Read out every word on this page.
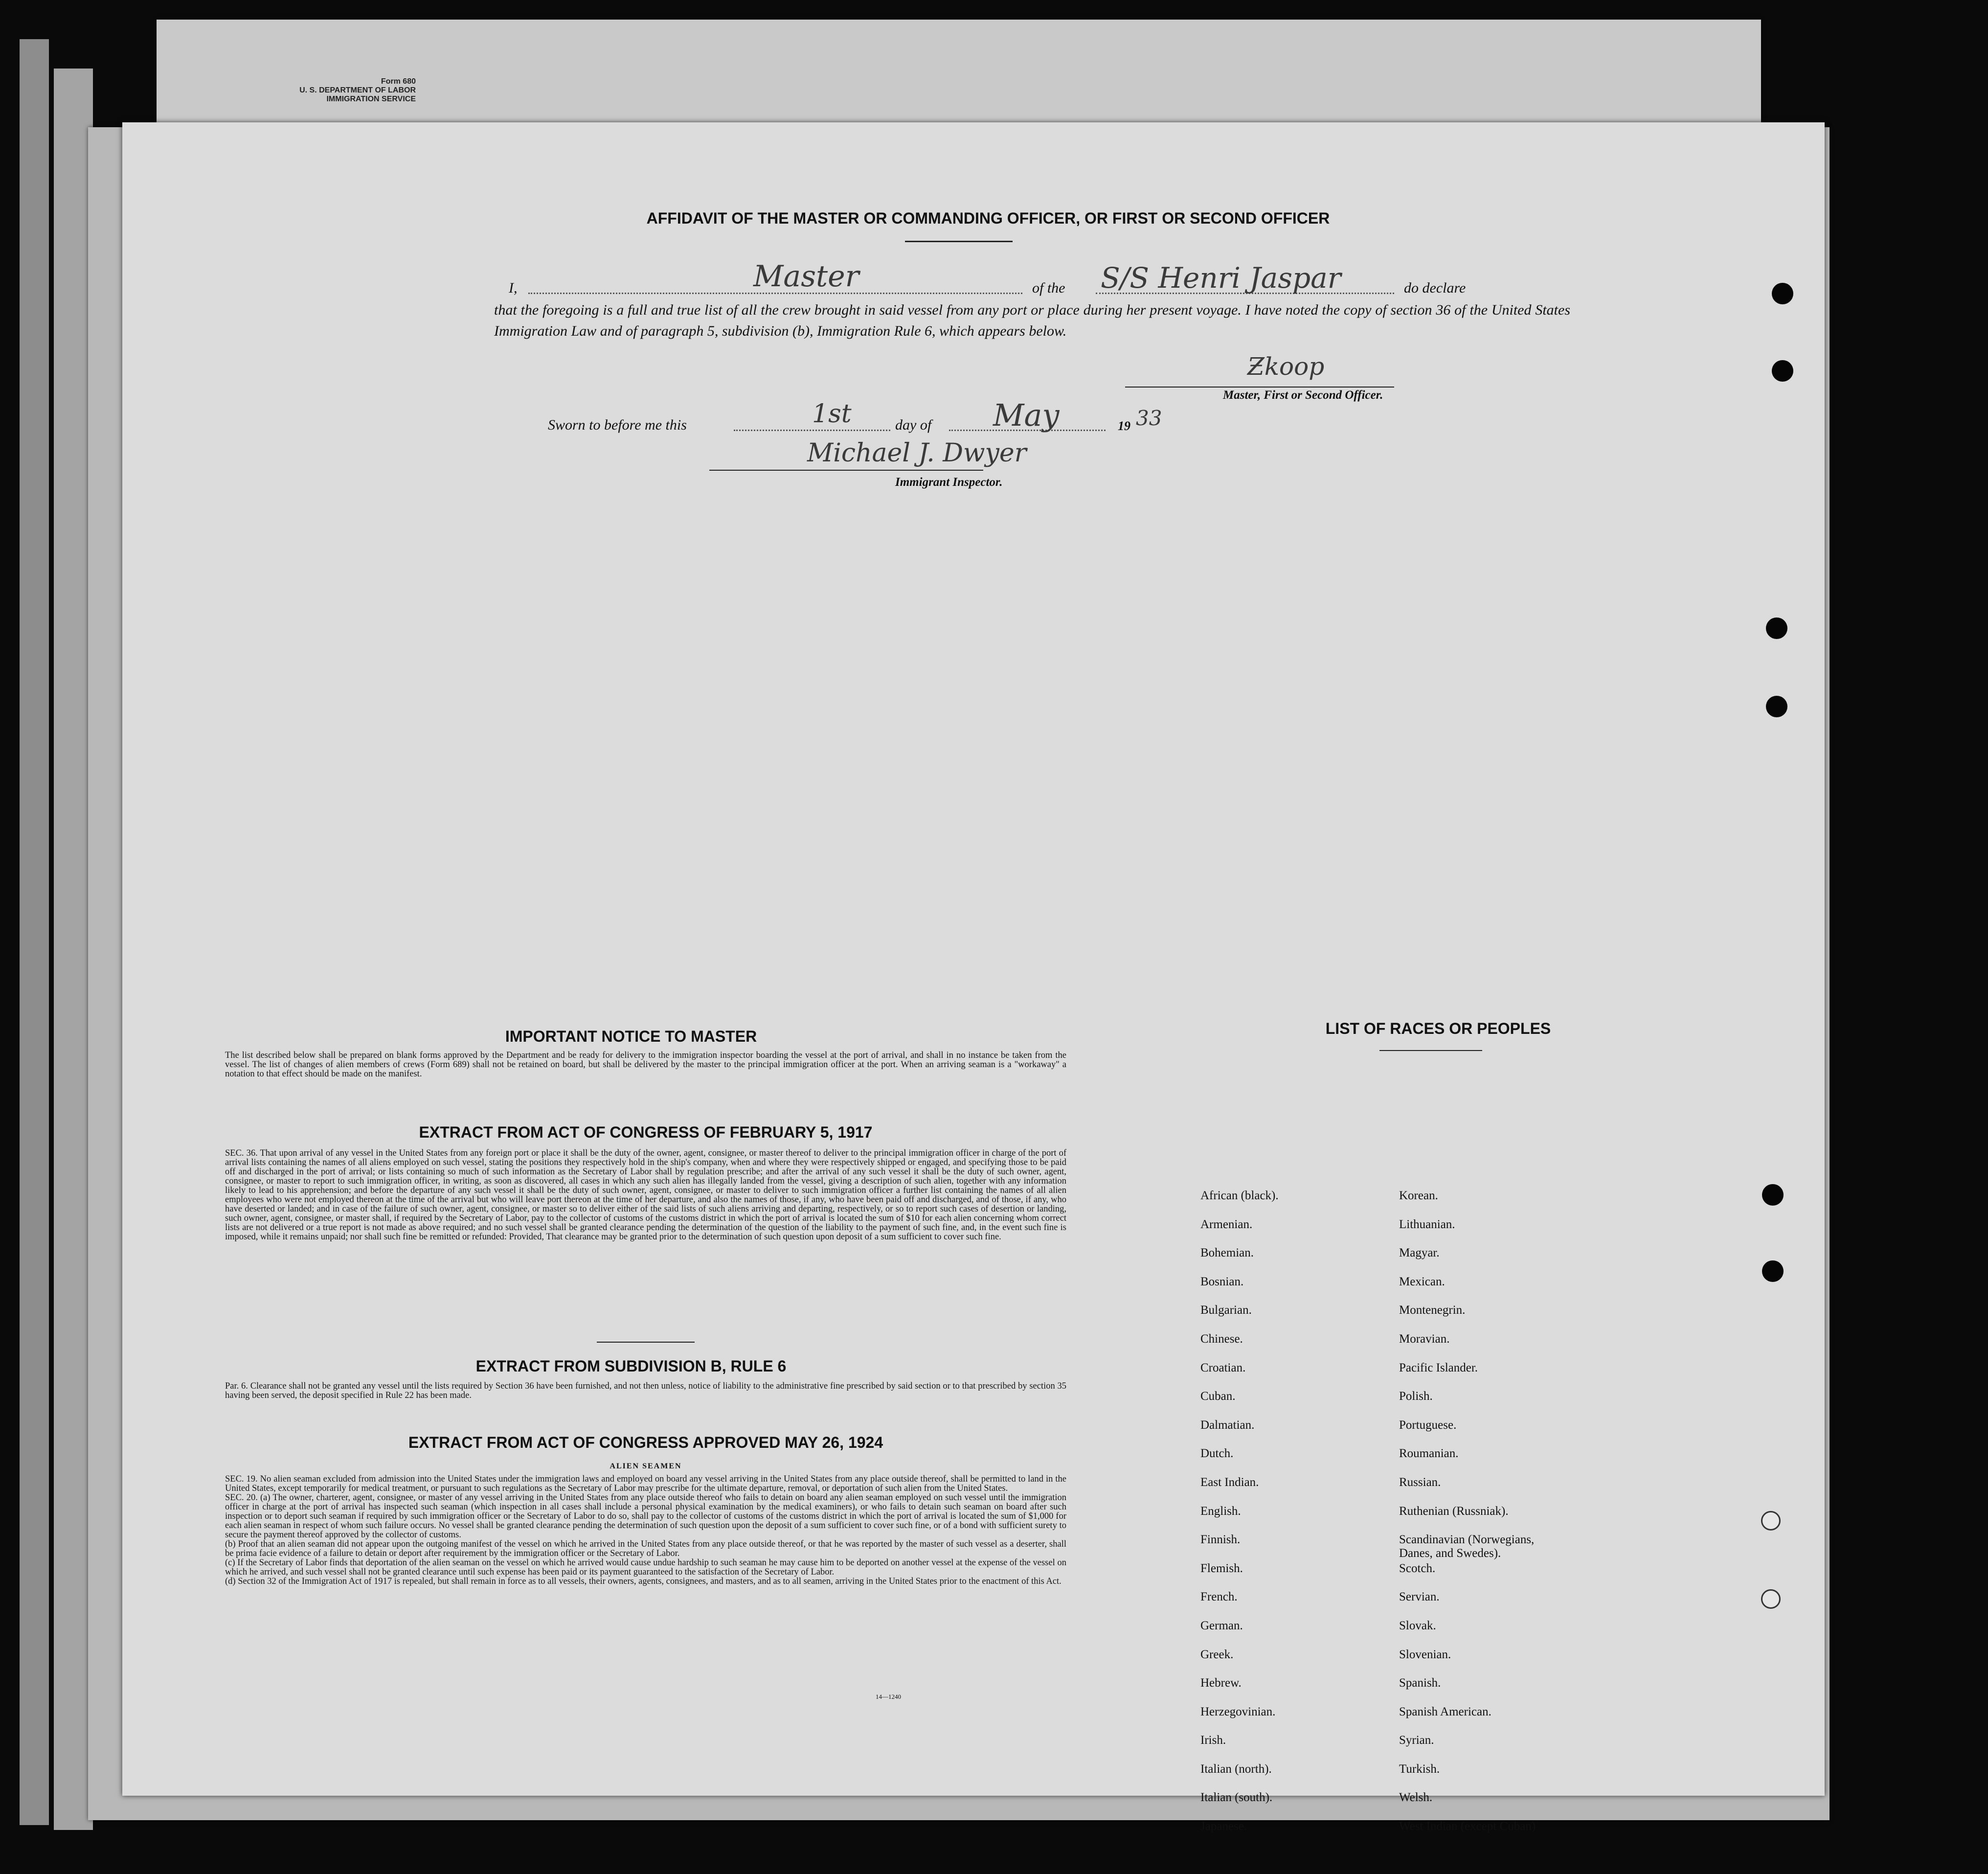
Form 680
U. S. DEPARTMENT OF LABOR
IMMIGRATION SERVICE
AFFIDAVIT OF THE MASTER OR COMMANDING OFFICER, OR FIRST OR SECOND OFFICER
I,	Master	of the S/S Henri Jaspar	do declare
that the foregoing is a full and true list of all the crew brought in said vessel from any port or place during her present voyage. I have noted the copy of section 36 of the United States Immigration Law and of paragraph 5, subdivision (b), Immigration Rule 6, which appears below.
Ƶkoop
Master, First or Second Officer.
Sworn to before me this	1st	day of May	19 33
Michael J. Dwyer
Immigrant Inspector.
IMPORTANT NOTICE TO MASTER
The list described below shall be prepared on blank forms approved by the Department and be ready for delivery to the immigration inspector boarding the vessel at the port of arrival, and shall in no instance be taken from the vessel. The list of changes of alien members of crews (Form 689) shall not be retained on board, but shall be delivered by the master to the principal immigration officer at the port. When an arriving seaman is a "workaway" a notation to that effect should be made on the manifest.
EXTRACT FROM ACT OF CONGRESS OF FEBRUARY 5, 1917
SEC. 36. That upon arrival of any vessel in the United States from any foreign port or place it shall be the duty of the owner, agent, consignee, or master thereof to deliver to the principal immigration officer in charge of the port of arrival lists containing the names of all aliens employed on such vessel, stating the positions they respectively hold in the ship's company, when and where they were respectively shipped or engaged, and specifying those to be paid off and discharged in the port of arrival; or lists containing so much of such information as the Secretary of Labor shall by regulation prescribe; and after the arrival of any such vessel it shall be the duty of such owner, agent, consignee, or master to report to such immigration officer, in writing, as soon as discovered, all cases in which any such alien has illegally landed from the vessel, giving a description of such alien, together with any information likely to lead to his apprehension; and before the departure of any such vessel it shall be the duty of such owner, agent, consignee, or master to deliver to such immigration officer a further list containing the names of all alien employees who were not employed thereon at the time of the arrival but who will leave port thereon at the time of her departure, and also the names of those, if any, who have been paid off and discharged, and of those, if any, who have deserted or landed; and in case of the failure of such owner, agent, consignee, or master so to deliver either of the said lists of such aliens arriving and departing, respectively, or so to report such cases of desertion or landing, such owner, agent, consignee, or master shall, if required by the Secretary of Labor, pay to the collector of customs of the customs district in which the port of arrival is located the sum of $10 for each alien concerning whom correct lists are not delivered or a true report is not made as above required; and no such vessel shall be granted clearance pending the determination of the question of the liability to the payment of such fine, and, in the event such fine is imposed, while it remains unpaid; nor shall such fine be remitted or refunded: Provided, That clearance may be granted prior to the determination of such question upon deposit of a sum sufficient to cover such fine.
EXTRACT FROM SUBDIVISION B, RULE 6
Par. 6. Clearance shall not be granted any vessel until the lists required by Section 36 have been furnished, and not then unless, notice of liability to the administrative fine prescribed by said section or to that prescribed by section 35 having been served, the deposit specified in Rule 22 has been made.
EXTRACT FROM ACT OF CONGRESS APPROVED MAY 26, 1924
ALIEN SEAMEN
SEC. 19. No alien seaman excluded from admission into the United States under the immigration laws and employed on board any vessel arriving in the United States from any place outside thereof, shall be permitted to land in the United States, except temporarily for medical treatment, or pursuant to such regulations as the Secretary of Labor may prescribe for the ultimate departure, removal, or deportation of such alien from the United States.
SEC. 20. (a) The owner, charterer, agent, consignee, or master of any vessel arriving in the United States from any place outside thereof who fails to detain on board any alien seaman employed on such vessel until the immigration officer in charge at the port of arrival has inspected such seaman (which inspection in all cases shall include a personal physical examination by the medical examiners), or who fails to detain such seaman on board after such inspection or to deport such seaman if required by such immigration officer or the Secretary of Labor to do so, shall pay to the collector of customs of the customs district in which the port of arrival is located the sum of $1,000 for each alien seaman in respect of whom such failure occurs. No vessel shall be granted clearance pending the determination of such question upon the deposit of a sum sufficient to cover such fine, or of a bond with sufficient surety to secure the payment thereof approved by the collector of customs.
(b) Proof that an alien seaman did not appear upon the outgoing manifest of the vessel on which he arrived in the United States from any place outside thereof, or that he was reported by the master of such vessel as a deserter, shall be prima facie evidence of a failure to detain or deport after requirement by the immigration officer or the Secretary of Labor.
(c) If the Secretary of Labor finds that deportation of the alien seaman on the vessel on which he arrived would cause undue hardship to such seaman he may cause him to be deported on another vessel at the expense of the vessel on which he arrived, and such vessel shall not be granted clearance until such expense has been paid or its payment guaranteed to the satisfaction of the Secretary of Labor.
(d) Section 32 of the Immigration Act of 1917 is repealed, but shall remain in force as to all vessels, their owners, agents, consignees, and masters, and as to all seamen, arriving in the United States prior to the enactment of this Act.
14—1240
LIST OF RACES OR PEOPLES
African (black).
Armenian.
Bohemian.
Bosnian.
Bulgarian.
Chinese.
Croatian.
Cuban.
Dalmatian.
Dutch.
East Indian.
English.
Finnish.
Flemish.
French.
German.
Greek.
Hebrew.
Herzegovinian.
Irish.
Italian (north).
Italian (south).
Japanese.
Korean.
Lithuanian.
Magyar.
Mexican.
Montenegrin.
Moravian.
Pacific Islander.
Polish.
Portuguese.
Roumanian.
Russian.
Ruthenian (Russniak).
Scandinavian (Norwegians,
Danes, and Swedes).
Scotch.
Servian.
Slovak.
Slovenian.
Spanish.
Spanish American.
Syrian.
Turkish.
Welsh.
West Indian (except Cuban)
